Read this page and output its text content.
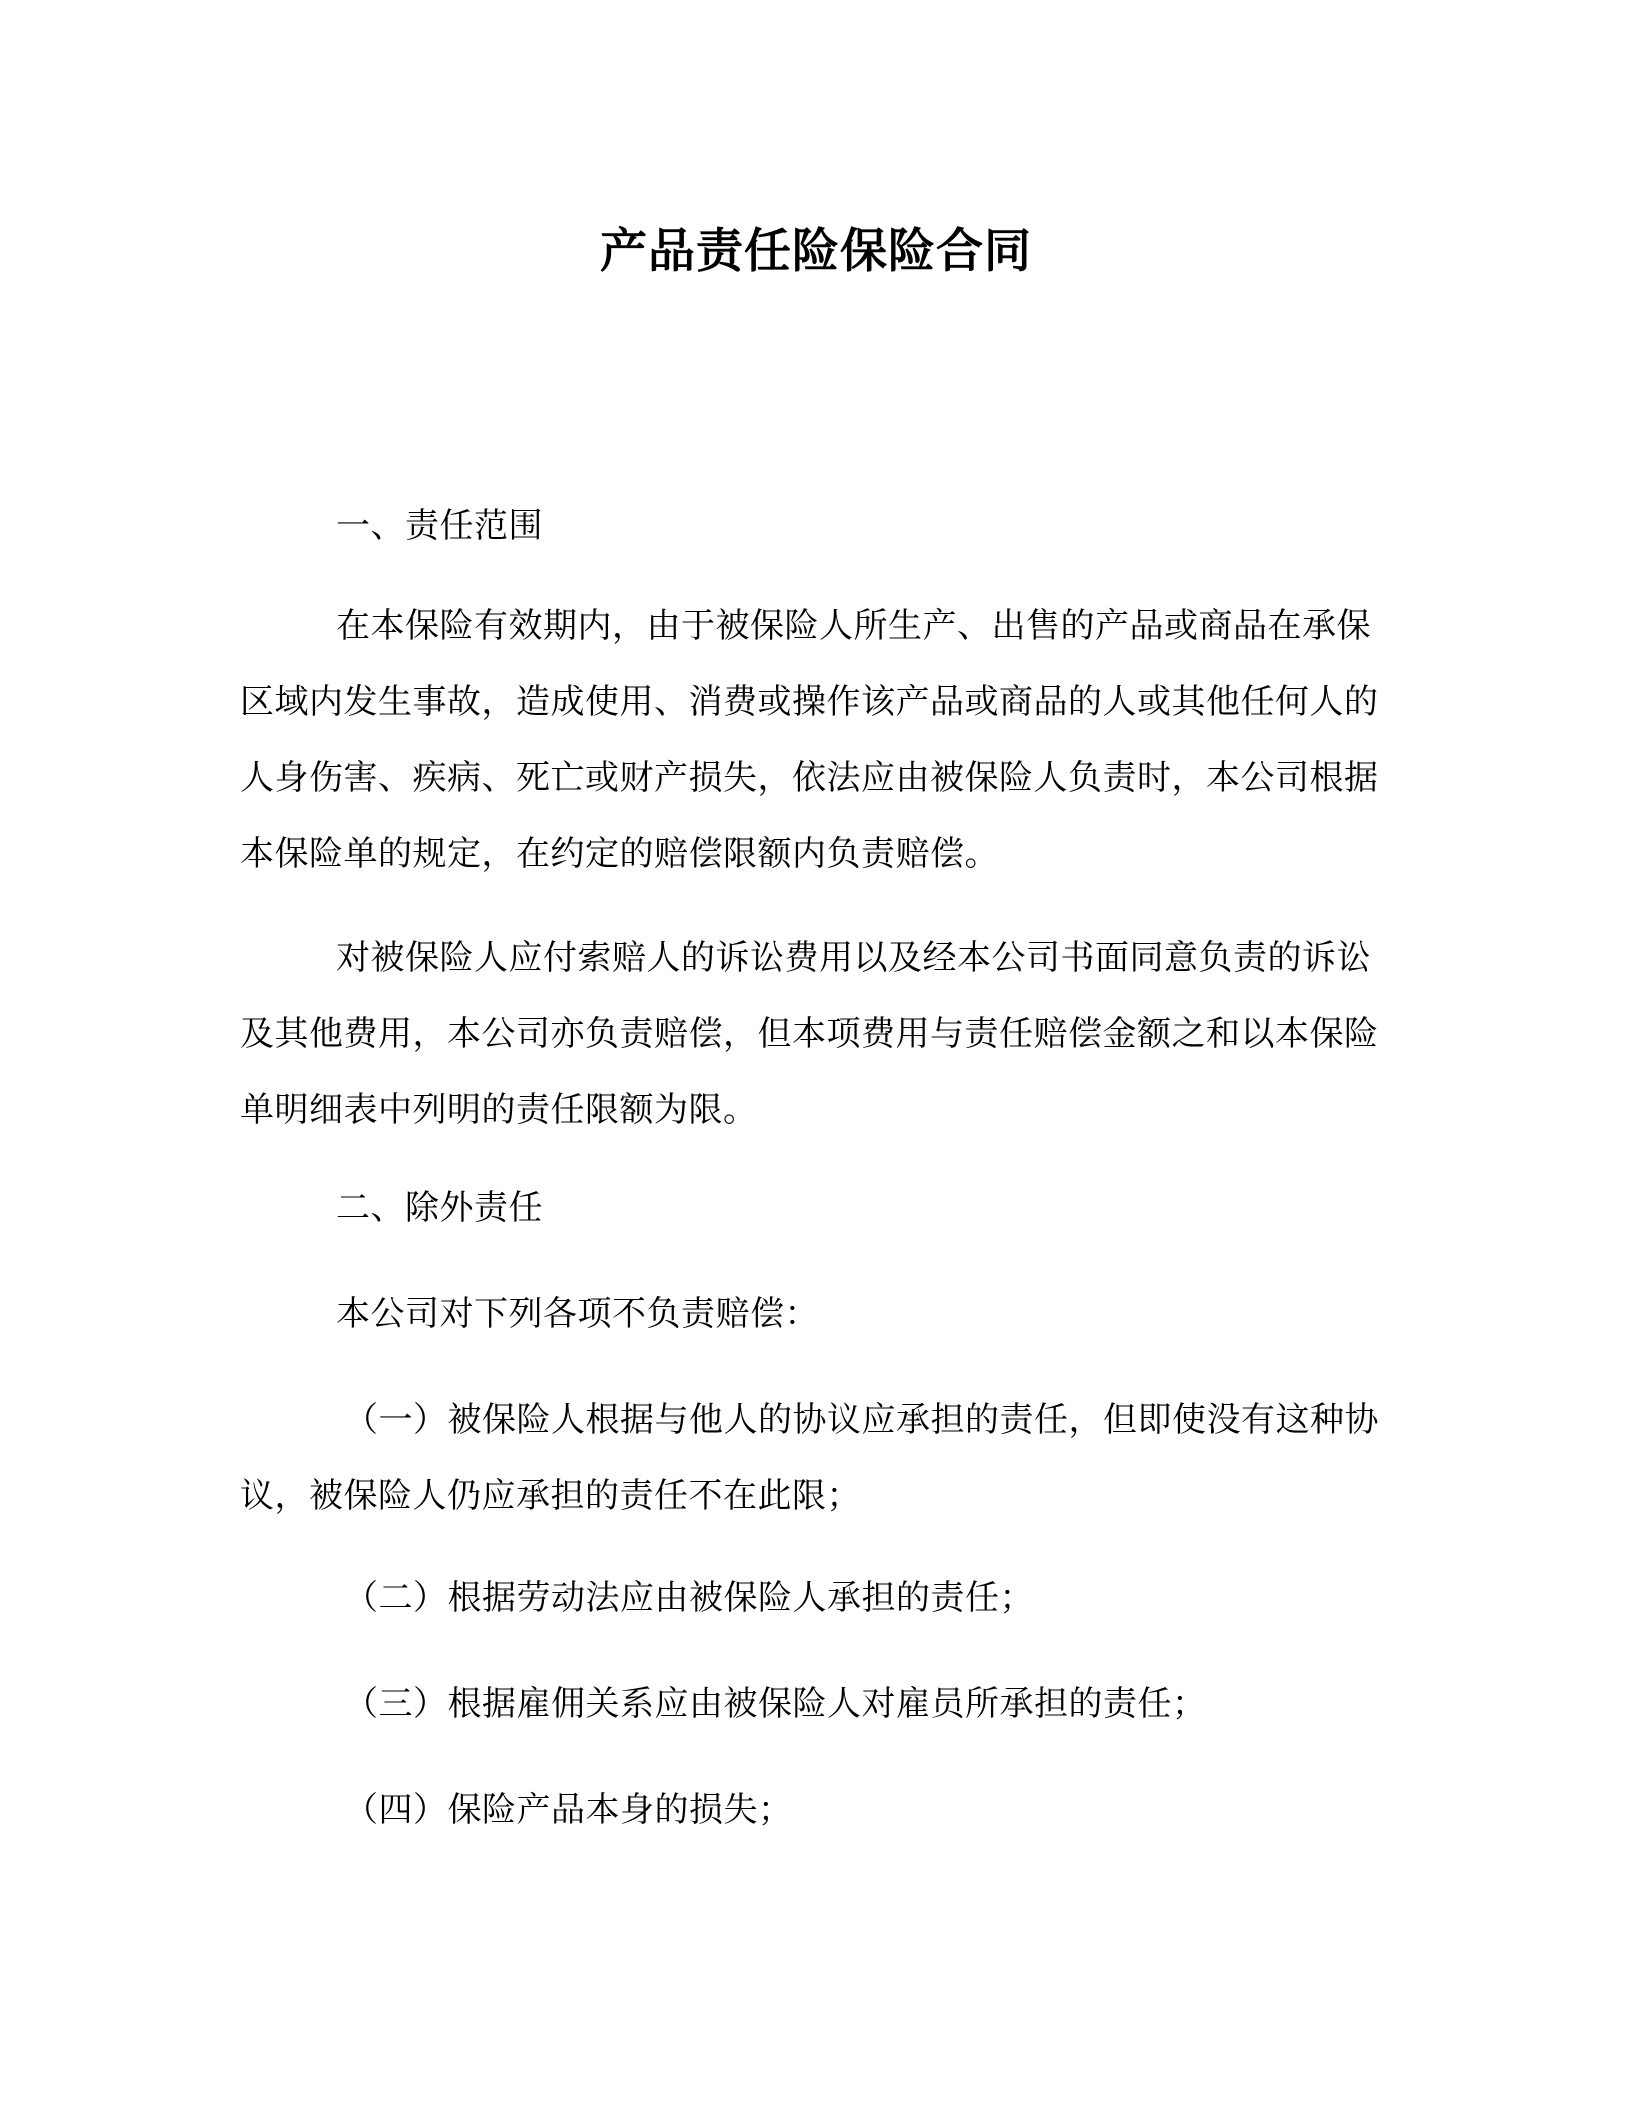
产品责任险保险合同

一、责任范围

在本保险有效期内，由于被保险人所生产、出售的产品或商品在承保区域内发生事故，造成使用、消费或操作该产品或商品的人或其他任何人的人身伤害、疾病、死亡或财产损失，依法应由被保险人负责时，本公司根据本保险单的规定，在约定的赔偿限额内负责赔偿。

对被保险人应付索赔人的诉讼费用以及经本公司书面同意负责的诉讼及其他费用，本公司亦负责赔偿，但本项费用与责任赔偿金额之和以本保险单明细表中列明的责任限额为限。

二、除外责任

本公司对下列各项不负责赔偿：

（一）被保险人根据与他人的协议应承担的责任，但即使没有这种协议，被保险人仍应承担的责任不在此限；

（二）根据劳动法应由被保险人承担的责任；

（三）根据雇佣关系应由被保险人对雇员所承担的责任；

（四）保险产品本身的损失；
